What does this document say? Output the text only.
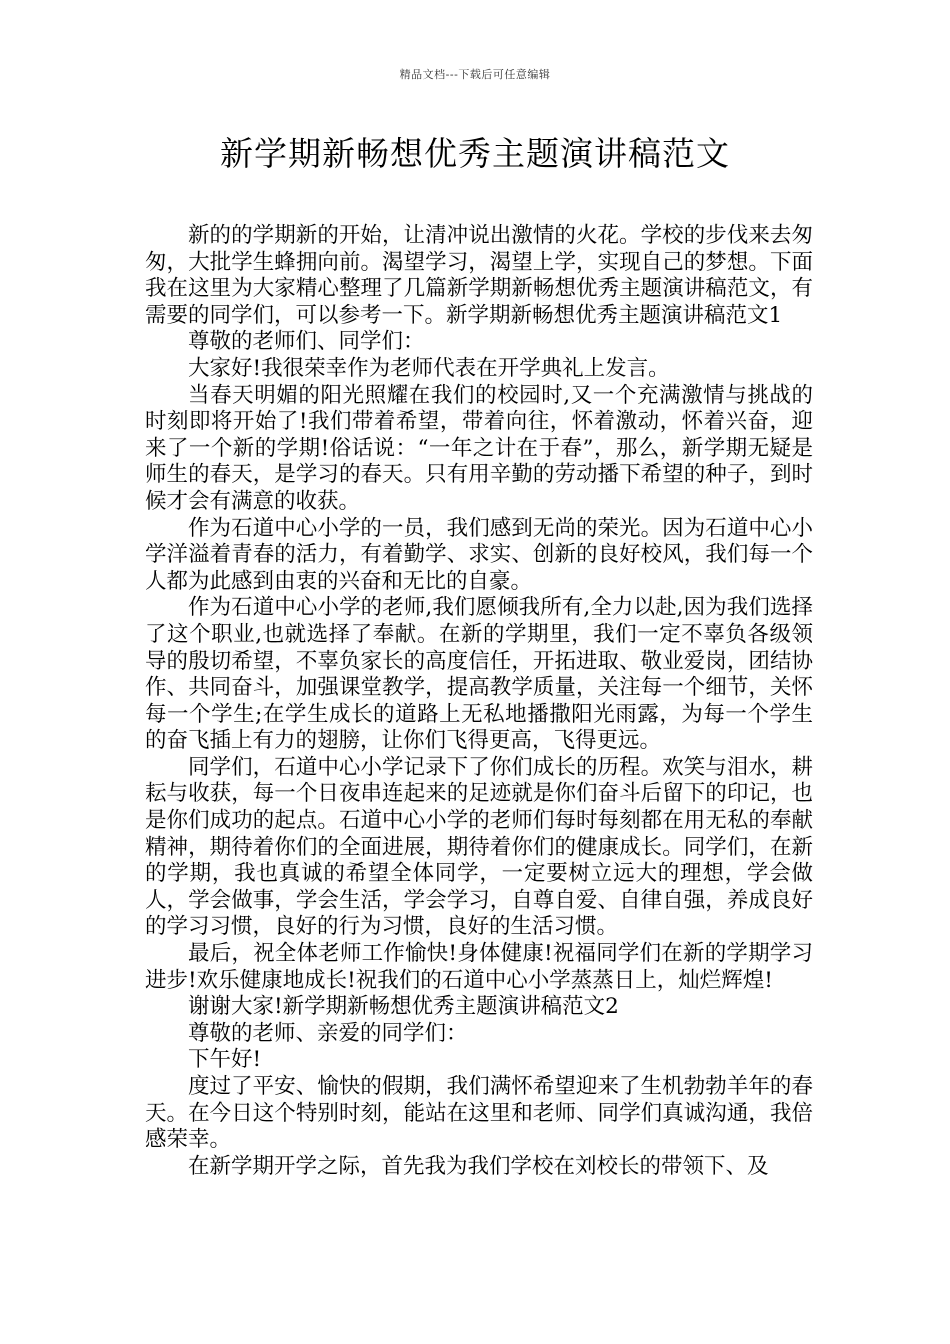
精品文档---下载后可任意编辑
新学期新畅想优秀主题演讲稿范文

新的的学期新的开始，让清冲说出激情的火花。学校的步伐来去匆匆，大批学生蜂拥向前。渴望学习，渴望上学，实现自己的梦想。下面我在这里为大家精心整理了几篇新学期新畅想优秀主题演讲稿范文，有需要的同学们，可以参考一下。新学期新畅想优秀主题演讲稿范文1

尊敬的老师们、同学们：

大家好!我很荣幸作为老师代表在开学典礼上发言。

当春天明媚的阳光照耀在我们的校园时,又一个充满激情与挑战的时刻即将开始了!我们带着希望，带着向往，怀着激动，怀着兴奋，迎来了一个新的学期!俗话说：“一年之计在于春”，那么，新学期无疑是师生的春天，是学习的春天。只有用辛勤的劳动播下希望的种子，到时候才会有满意的收获。

作为石道中心小学的一员，我们感到无尚的荣光。因为石道中心小学洋溢着青春的活力，有着勤学、求实、创新的良好校风，我们每一个人都为此感到由衷的兴奋和无比的自豪。

作为石道中心小学的老师,我们愿倾我所有,全力以赴,因为我们选择了这个职业,也就选择了奉献。在新的学期里，我们一定不辜负各级领导的殷切希望，不辜负家长的高度信任，开拓进取、敬业爱岗，团结协作、共同奋斗，加强课堂教学，提高教学质量，关注每一个细节，关怀每一个学生;在学生成长的道路上无私地播撒阳光雨露，为每一个学生的奋飞插上有力的翅膀，让你们飞得更高，飞得更远。

同学们，石道中心小学记录下了你们成长的历程。欢笑与泪水，耕耘与收获，每一个日夜串连起来的足迹就是你们奋斗后留下的印记，也是你们成功的起点。石道中心小学的老师们每时每刻都在用无私的奉献精神，期待着你们的全面进展，期待着你们的健康成长。同学们，在新的学期，我也真诚的希望全体同学，一定要树立远大的理想，学会做人，学会做事，学会生活，学会学习，自尊自爱、自律自强，养成良好的学习习惯，良好的行为习惯，良好的生活习惯。

最后，祝全体老师工作愉快!身体健康!祝福同学们在新的学期学习进步!欢乐健康地成长!祝我们的石道中心小学蒸蒸日上，灿烂辉煌!

谢谢大家!新学期新畅想优秀主题演讲稿范文2

尊敬的老师、亲爱的同学们：

下午好!

度过了平安、愉快的假期，我们满怀希望迎来了生机勃勃羊年的春天。在今日这个特别时刻，能站在这里和老师、同学们真诚沟通，我倍感荣幸。

在新学期开学之际，首先我为我们学校在刘校长的带领下、及
